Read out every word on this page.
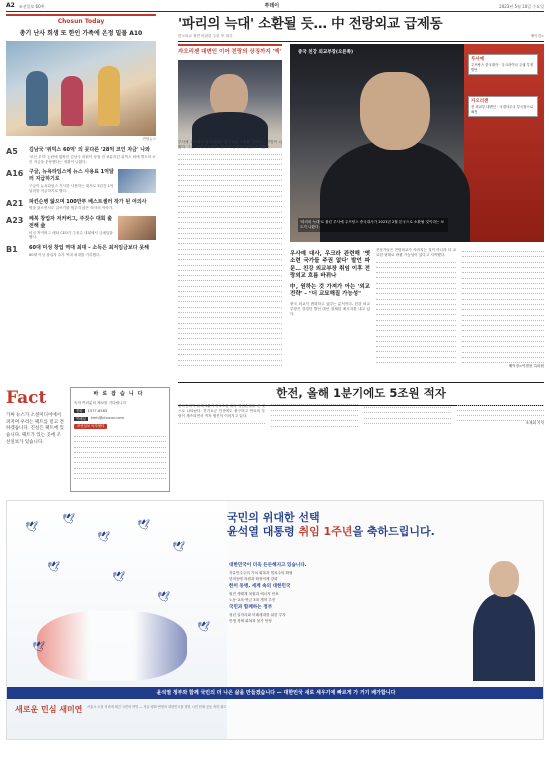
A2 조선일보 60쪽	투데이	2023년 5월 10일 수요일
Chosun Today
총기 난사 희생 또 한인 가족에 온정 밀물 A10
연합뉴스
A5	김남국 '위믹스 60억' 의 뭇다른 '28억 코인 자금' 나와
'코인 투자' 논란에 휩싸인 김남국 의원이 상장 전 보유하던 위믹스 외에 별도의 코인 자금을 운용했다는 정황이 나왔다.
A16	구글, 뉴욕타임스에 뉴스 사용료 1억달러 지급하기로
구글이 뉴욕타임스 기사를 사용하는 대가로 3년간 1억달러를 지급하기로 했다.
A21	파킨슨병 앓으며 100만부 베스트셀러 작가 된 여의사
병을 앓으면서도 글쓰기를 멈추지 않은 의사의 이야기.
A23	페북 창업자 저커버그, 주짓수 대회 출전해 金
마크 저커버그 메타 CEO가 주짓수 대회에서 금메달을 땄다.
B1	60대 미성 창업 역대 최대 – 소득은 최저임금보다 못해
60세 이상 창업자 수가 역대 최대를 기록했다.
'파리의 늑대' 소환될 듯… 中 전랑외교 급제동
한국외교 정면 비판한 주한 中 대사	베이징=
자오리젠 대변인 이어 전랑의 상징까지 '엑'
★	중국 친강 외교부장(오른쪽)
루사예
주프랑스 중국대사 · 우크라이나 주권 부정 발언
자오리젠
전 외교부 대변인 · 국경사무국 부국장으로 좌천
'파리의 늑대'로 불린 루사예 주프랑스 중국대사가 2023년 2월 본국으로 소환될 것이라는 보도가 나왔다.

루사예 주프랑스 중국대사가 본국으로 소환될 것이라는 전망이 나왔다. 그는 '파리의 늑대'로 불리며 공격적 발언을 이어왔다.

우사예 대사, 우크라 관련해 '옛 소련 국가들 주권 없다' 발언 파문… 친강 외교부장 취임 이후 전랑외교 흐름 바뀌나
中, 원하는 것 가져가 아는 '외교 전략' – "더 교묘해질 가능성"

중국 외교가 변화하고 있다는 분석이다. 친강 외교부장은 강경한 발언 대신 절제된 메시지를 내고 있다.

전문가들은 전랑외교가 사라지는 것이 아니라 더 교묘한 형태로 바뀔 가능성이 있다고 지적했다.

베이징=이벌찬 특파원

한전, 올해 1분기에도 5조원 적자

한국전력이 올해 1분기에 5조원 대의 영업손실을 낸 것으로 나타났다. 전기요금 인상에도 불구하고 연료비 부담이 계속되면서 적자 행진이 이어지고 있다.

조재희 기자

Fact
가짜 뉴스가 소셜미디어에서 퍼지며 우리는 팩트를 믿고 전하겠습니다. 진실은 팩트에 있습니다. 팩트가 있는 곳에 조선일보가 있습니다.
바로잡습니다
독자 여러분의 제보를 기다립니다
전화	1577-8585
이메일	kmh@chosun.com
조선일보 독자센터
🕊
🕊
🕊
🕊
🕊
🕊
🕊
🕊
🕊
🕊
국민의 위대한 선택
윤석열 대통령 취임 1주년을 축하드립니다.
대한민국이 더욱 든든해지고 있습니다.
자유민주주의 가치 회복과 법치주의 확립
한미동맹 복원과 확장억제 강화
한미 동맹, 세계 속의 대한민국
원전 생태계 복원과 에너지 안보
노동·교육·연금 3대 개혁 추진
국민과 함께하는 정부
청년 일자리와 미래세대를 위한 투자
민생 경제 회복과 물가 안정
윤석열 정부와 함께 국민의 더 나은 삶을 만들겠습니다 — 대한민국 새로 세우기에 빠르게 가 거기 배가합니다
새로운 민심 새미연 서울시 도심 거리에 새긴 국민의 여망 — 자유·평화·번영의 대한민국을 향한 시민 단체 공동 축하 광고
